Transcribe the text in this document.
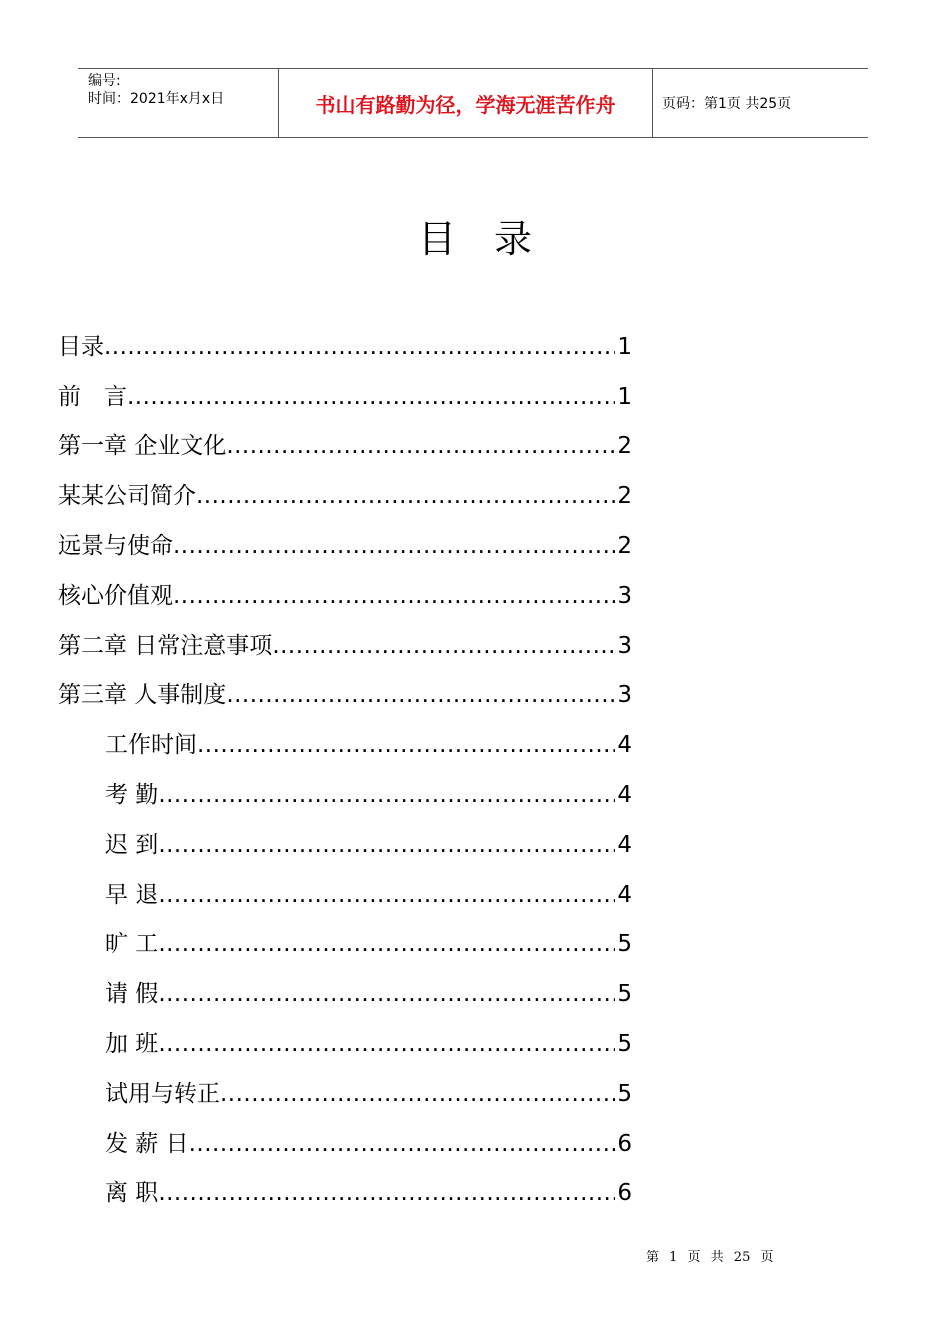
编号:
时间：2021年x月x日	书山有路勤为径，学海无涯苦作舟	页码：第1页 共25页
目录
目录 .....	1
前　言 .....	1
第一章 企业文化 .....	2
某某公司简介 .....	2
远景与使命 .....	2
核心价值观 .....	3
第二章 日常注意事项 .....	3
第三章 人事制度 .....	3
工作时间 .....	4
考 勤 .....	4
迟 到 .....	4
早 退 .....	4
旷 工 .....	5
请 假 .....	5
加 班 .....	5
试用与转正 .....	5
发 薪 日 .....	6
离 职 .....	6
第 1 页 共 25 页
